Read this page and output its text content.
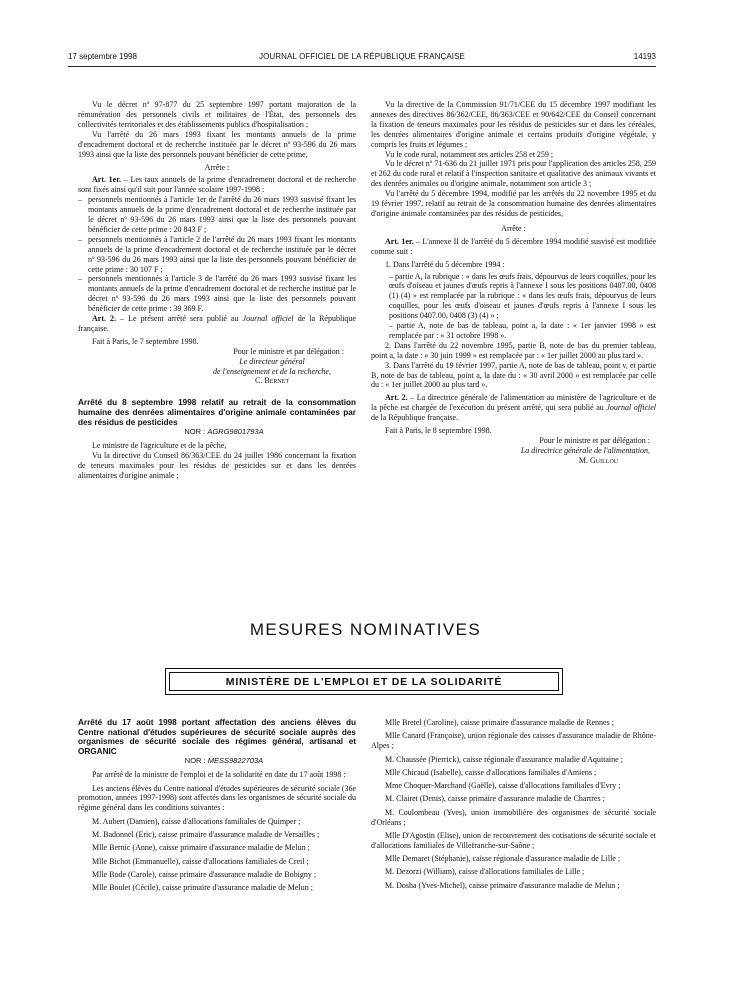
17 septembre 1998	JOURNAL OFFICIEL DE LA RÉPUBLIQUE FRANÇAISE	14193

Vu le décret nº 97-877 du 25 septembre 1997 portant majoration de la rémunération des personnels civils et militaires de l'État, des personnels des collectivités territoriales et des établissements publics d'hospitalisation ;

Vu l'arrêté du 26 mars 1993 fixant les montants annuels de la prime d'encadrement doctoral et de recherche instituée par le décret nº 93-596 du 26 mars 1993 ainsi que la liste des personnels pouvant bénéficier de cette prime,

Arrête :

Art. 1er. – Les taux annuels de la prime d'encadrement doctoral et de recherche sont fixés ainsi qu'il suit pour l'année scolaire 1997-1998 :

– personnels mentionnés à l'article 1er de l'arrêté du 26 mars 1993 susvisé fixant les montants annuels de la prime d'encadrement doctoral et de recherche instituée par le décret nº 93-596 du 26 mars 1993 ainsi que la liste des personnels pouvant bénéficier de cette prime : 20 843 F ;
– personnels mentionnés à l'article 2 de l'arrêté du 26 mars 1993 fixant les montants annuels de la prime d'encadrement doctoral et de recherche instituée par le décret nº 93-596 du 26 mars 1993 ainsi que la liste des personnels pouvant bénéficier de cette prime : 30 107 F ;
– personnels mentionnés à l'article 3 de l'arrêté du 26 mars 1993 susvisé fixant les montants annuels de la prime d'encadrement doctoral et de recherche institué par le décret nº 93-596 du 26 mars 1993 ainsi que la liste des personnels pouvant bénéficier de cette prime : 39 369 F.

Art. 2. – Le présent arrêté sera publié au Journal officiel de la République française.

Fait à Paris, le 7 septembre 1998.

Pour le ministre et par délégation :

Le directeur général

de l'enseignement et de la recherche,

C. Bernet

Arrêté du 8 septembre 1998 relatif au retrait de la consommation humaine des denrées alimentaires d'origine animale contaminées par des résidus de pesticides

NOR : AGRG9801793A

Le ministre de l'agriculture et de la pêche,

Vu la directive du Conseil 86/363/CEE du 24 juillet 1986 concernant la fixation de teneurs maximales pour les résidus de pesticides sur et dans les denrées alimentaires d'origine animale ;

Vu la directive de la Commission 91/71/CEE du 15 décembre 1997 modifiant les annexes des directives 86/362/CEE, 86/363/CEE et 90/642/CEE du Conseil concernant la fixation de teneurs maximales pour les résidus de pesticides sur et dans les céréales, les denrées alimentaires d'origine animale et certains produits d'origine végétale, y compris les fruits et légumes ;

Vu le code rural, notamment ses articles 258 et 259 ;

Vu le décret nº 71-636 du 21 juillet 1971 pris pour l'application des articles 258, 259 et 262 du code rural et relatif à l'inspection sanitaire et qualitative des animaux vivants et des denrées animales ou d'origine animale, notamment son article 3 ;

Vu l'arrêté du 5 décembre 1994, modifié par les arrêtés du 22 novembre 1995 et du 19 février 1997, relatif au retrait de la consommation humaine des denrées alimentaires d'origine animale contaminées par des résidus de pesticides,

Arrête :

Art. 1er. – L'annexe II de l'arrêté du 5 décembre 1994 modifié susvisé est modifiée comme suit :

1. Dans l'arrêté du 5 décembre 1994 :

– partie A, la rubrique : « dans les œufs frais, dépourvus de leurs coquilles, pour les œufs d'oiseau et jaunes d'œufs repris à l'annexe I sous les positions 0407.00, 0408 (1) (4) » est remplacée par la rubrique : « dans les œufs frais, dépourvus de leurs coquilles, pour les œufs d'oiseau et jaunes d'œufs repris à l'annexe I sous les positions 0407.00, 0408 (3) (4) » ;

– partie A, note de bas de tableau, point a, la date : « 1er janvier 1998 » est remplacée par : « 31 octobre 1998 ».

2. Dans l'arrêté du 22 novembre 1995, partie B, note de bas du premier tableau, point a, la date : « 30 juin 1999 » est remplacée par : « 1er juillet 2000 au plus tard ».

3. Dans l'arrêté du 19 février 1997, partie A, note de bas de tableau, point v, et partie B, note de bas de tableau, point a, la date du : « 30 avril 2000 » est remplacée par celle du : « 1er juillet 2000 au plus tard ».

Art. 2. – La directrice générale de l'alimentation au ministère de l'agriculture et de la pêche est chargée de l'exécution du présent arrêté, qui sera publié au Journal officiel de la République française.

Fait à Paris, le 8 septembre 1998.

Pour le ministre et par délégation :

La directrice générale de l'alimentation,

M. Guillou

MESURES NOMINATIVES
MINISTÈRE DE L'EMPLOI ET DE LA SOLIDARITÉ

Arrêté du 17 août 1998 portant affectation des anciens élèves du Centre national d'études supérieures de sécurité sociale auprès des organismes de sécurité sociale des régimes général, artisanal et ORGANIC

NOR : MESS9822703A

Par arrêté de la ministre de l'emploi et de la solidarité en date du 17 août 1998 :

Les anciens élèves du Centre national d'études supérieures de sécurité sociale (36e promotion, années 1997-1998) sont affectés dans les organismes de sécurité sociale du régime général dans les conditions suivantes :

M. Aubert (Damien), caisse d'allocations familiales de Quimper ;

M. Badonnel (Eric), caisse primaire d'assurance maladie de Versailles ;

Mlle Bernic (Anne), caisse primaire d'assurance maladie de Melun ;

Mlle Bichot (Emmanuelle), caisse d'allocations familiales de Creil ;

Mlle Bode (Carole), caisse primaire d'assurance maladie de Bobigny ;

Mlle Boulet (Cécile), caisse primaire d'assurance maladie de Melun ;

Mlle Bretel (Caroline), caisse primaire d'assurance maladie de Rennes ;

Mlle Canard (Françoise), union régionale des caisses d'assurance maladie de Rhône-Alpes ;

M. Chaussée (Pierrick), caisse régionale d'assurance maladie d'Aquitaine ;

Mlle Chicaud (Isabelle), caisse d'allocations familiales d'Amiens ;

Mme Choquer-Marchand (Gaëlle), caisse d'allocations familiales d'Evry ;

M. Clairet (Denis), caisse primaire d'assurance maladie de Chartres ;

M. Coulombeau (Yves), union immobilière des organismes de sécurité sociale d'Orléans ;

Mlle D'Agostin (Elise), union de recouvrement des cotisations de sécurité sociale et d'allocations familiales de Villefranche-sur-Saône ;

Mlle Demaret (Stéphanie), caisse régionale d'assurance maladie de Lille ;

M. Dezorzi (William), caisse d'allocations familiales de Lille ;

M. Dosha (Yves-Michel), caisse primaire d'assurance maladie de Melun ;
